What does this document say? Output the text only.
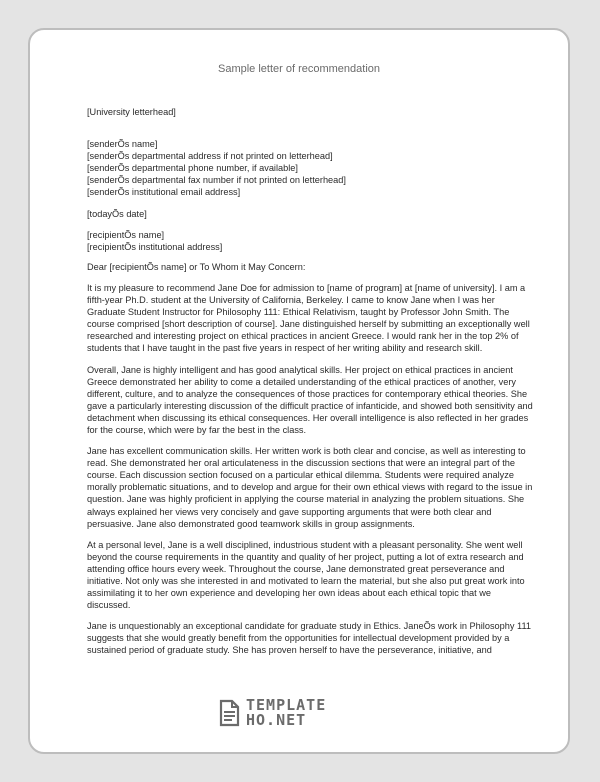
Sample letter of recommendation
[University letterhead]
[senderÕs name]
[senderÕs departmental address if not printed on letterhead]
[senderÕs departmental phone number, if available]
[senderÕs departmental fax number if not printed on letterhead]
[senderÕs institutional email address]
[todayÕs date]
[recipientÕs name]
[recipientÕs institutional address]
Dear [recipientÕs name] or To Whom it May Concern:
It is my pleasure to recommend Jane Doe for admission to [name of program] at [name of university]. I am a fifth-year Ph.D. student at the University of California, Berkeley. I came to know Jane when I was her Graduate Student Instructor for Philosophy 111: Ethical Relativism, taught by Professor John Smith. The course comprised [short description of course]. Jane distinguished herself by submitting an exceptionally well researched and interesting project on ethical practices in ancient Greece. I would rank her in the top 2% of students that I have taught in the past five years in respect of her writing ability and research skill.
Overall, Jane is highly intelligent and has good analytical skills. Her project on ethical practices in ancient Greece demonstrated her ability to come a detailed understanding of the ethical practices of another, very different, culture, and to analyze the consequences of those practices for contemporary ethical theories. She gave a particularly interesting discussion of the difficult practice of infanticide, and showed both sensitivity and detachment when discussing its ethical consequences. Her overall intelligence is also reflected in her grades for the course, which were by far the best in the class.
Jane has excellent communication skills. Her written work is both clear and concise, as well as interesting to read. She demonstrated her oral articulateness in the discussion sections that were an integral part of the course. Each discussion section focused on a particular ethical dilemma. Students were required analyze morally problematic situations, and to develop and argue for their own ethical views with regard to the issue in question. Jane was highly proficient in applying the course material in analyzing the problem situations. She always explained her views very concisely and gave supporting arguments that were both clear and persuasive. Jane also demonstrated good teamwork skills in group assignments.
At a personal level, Jane is a well disciplined, industrious student with a pleasant personality. She went well beyond the course requirements in the quantity and quality of her project, putting a lot of extra research and attending office hours every week. Throughout the course, Jane demonstrated great perseverance and initiative. Not only was she interested in and motivated to learn the material, but she also put great work into assimilating it to her own experience and developing her own ideas about each ethical topic that we discussed.
Jane is unquestionably an exceptional candidate for graduate study in Ethics. JaneÕs work in Philosophy 111 suggests that she would greatly benefit from the opportunities for intellectual development provided by a sustained period of graduate study. She has proven herself to have the perseverance, initiative, and
TEMPLATE
HO.NET
